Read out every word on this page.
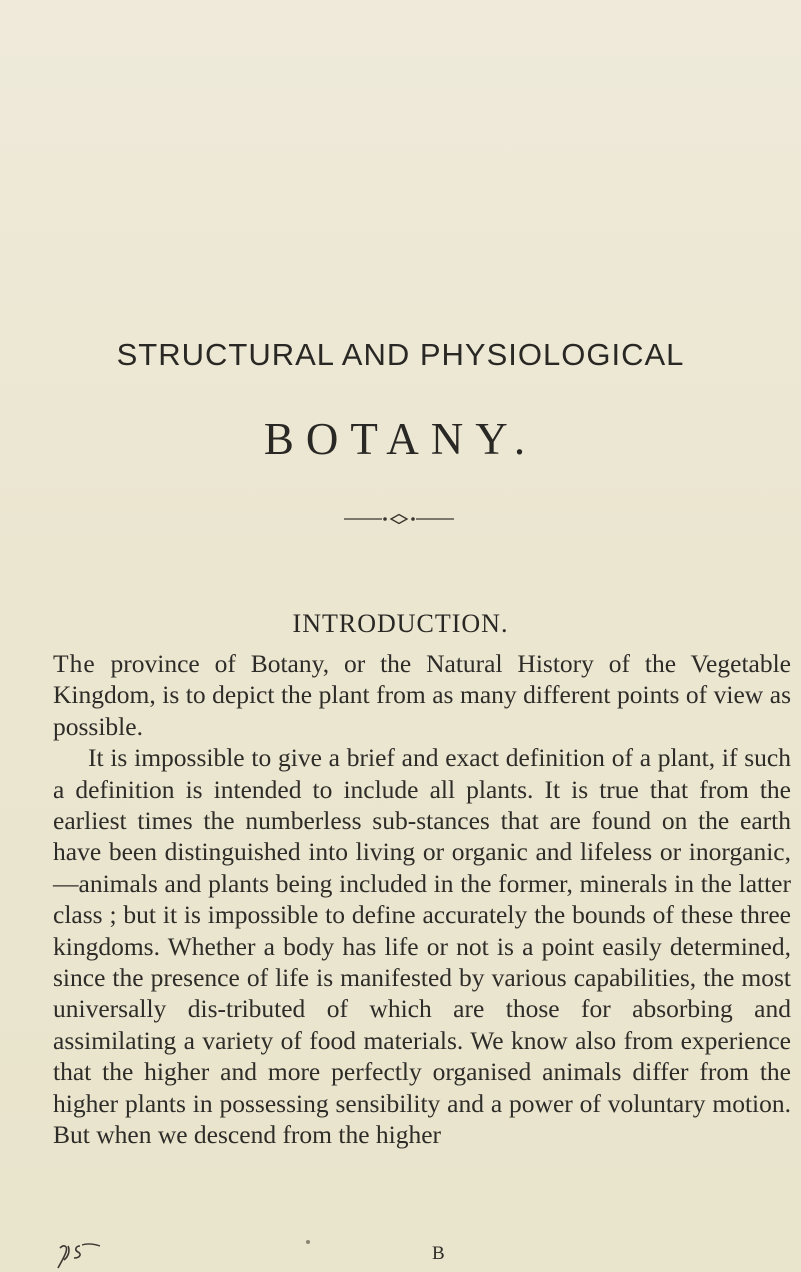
STRUCTURAL AND PHYSIOLOGICAL
BOTANY.
INTRODUCTION.

The province of Botany, or the Natural History of the Vegetable Kingdom, is to depict the plant from as many different points of view as possible.

It is impossible to give a brief and exact definition of a plant, if such a definition is intended to include all plants. It is true that from the earliest times the numberless sub-stances that are found on the earth have been distinguished into living or organic and lifeless or inorganic,—animals and plants being included in the former, minerals in the latter class ; but it is impossible to define accurately the bounds of these three kingdoms. Whether a body has life or not is a point easily determined, since the presence of life is manifested by various capabilities, the most universally dis-tributed of which are those for absorbing and assimilating a variety of food materials. We know also from experience that the higher and more perfectly organised animals differ from the higher plants in possessing sensibility and a power of voluntary motion. But when we descend from the higher

B
